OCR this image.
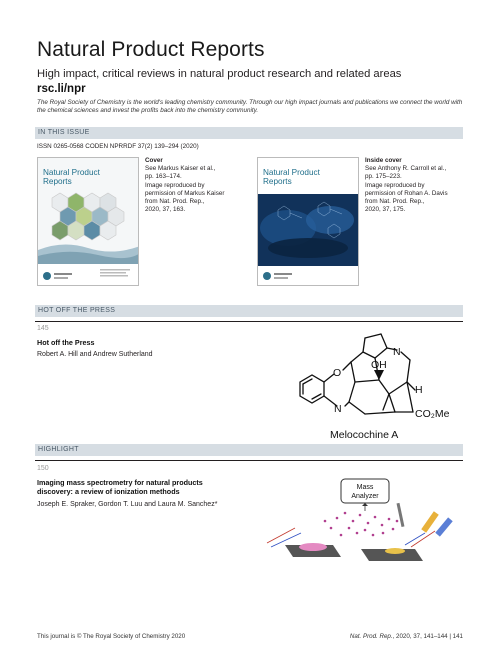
Natural Product Reports
High impact, critical reviews in natural product research and related areas
rsc.li/npr
The Royal Society of Chemistry is the world's leading chemistry community. Through our high impact journals and publications we connect the world with the chemical sciences and invest the profits back into the chemistry community.
IN THIS ISSUE
ISSN 0265-0568 CODEN NPRRDF 37(2) 139–294 (2020)
Natural Product
Reports
Cover
See Markus Kaiser et al.,
pp. 163–174.
Image reproduced by
permission of Markus Kaiser
from Nat. Prod. Rep.,
2020, 37, 163.
Natural Product
Reports
Inside cover
See Anthony R. Carroll et al.,
pp. 175–223.
Image reproduced by
permission of Rohan A. Davis
from Nat. Prod. Rep.,
2020, 37, 175.
HOT OFF THE PRESS
145
Hot off the Press
Robert A. Hill and Andrew Sutherland
O
N
N
OH
H
CO₂Me
Melocochine A
HIGHLIGHT
150
Imaging mass spectrometry for natural products
discovery: a review of ionization methods
Joseph E. Spraker, Gordon T. Luu and Laura M. Sanchez*
Mass
Analyzer
This journal is © The Royal Society of Chemistry 2020	Nat. Prod. Rep., 2020, 37, 141–144 | 141
